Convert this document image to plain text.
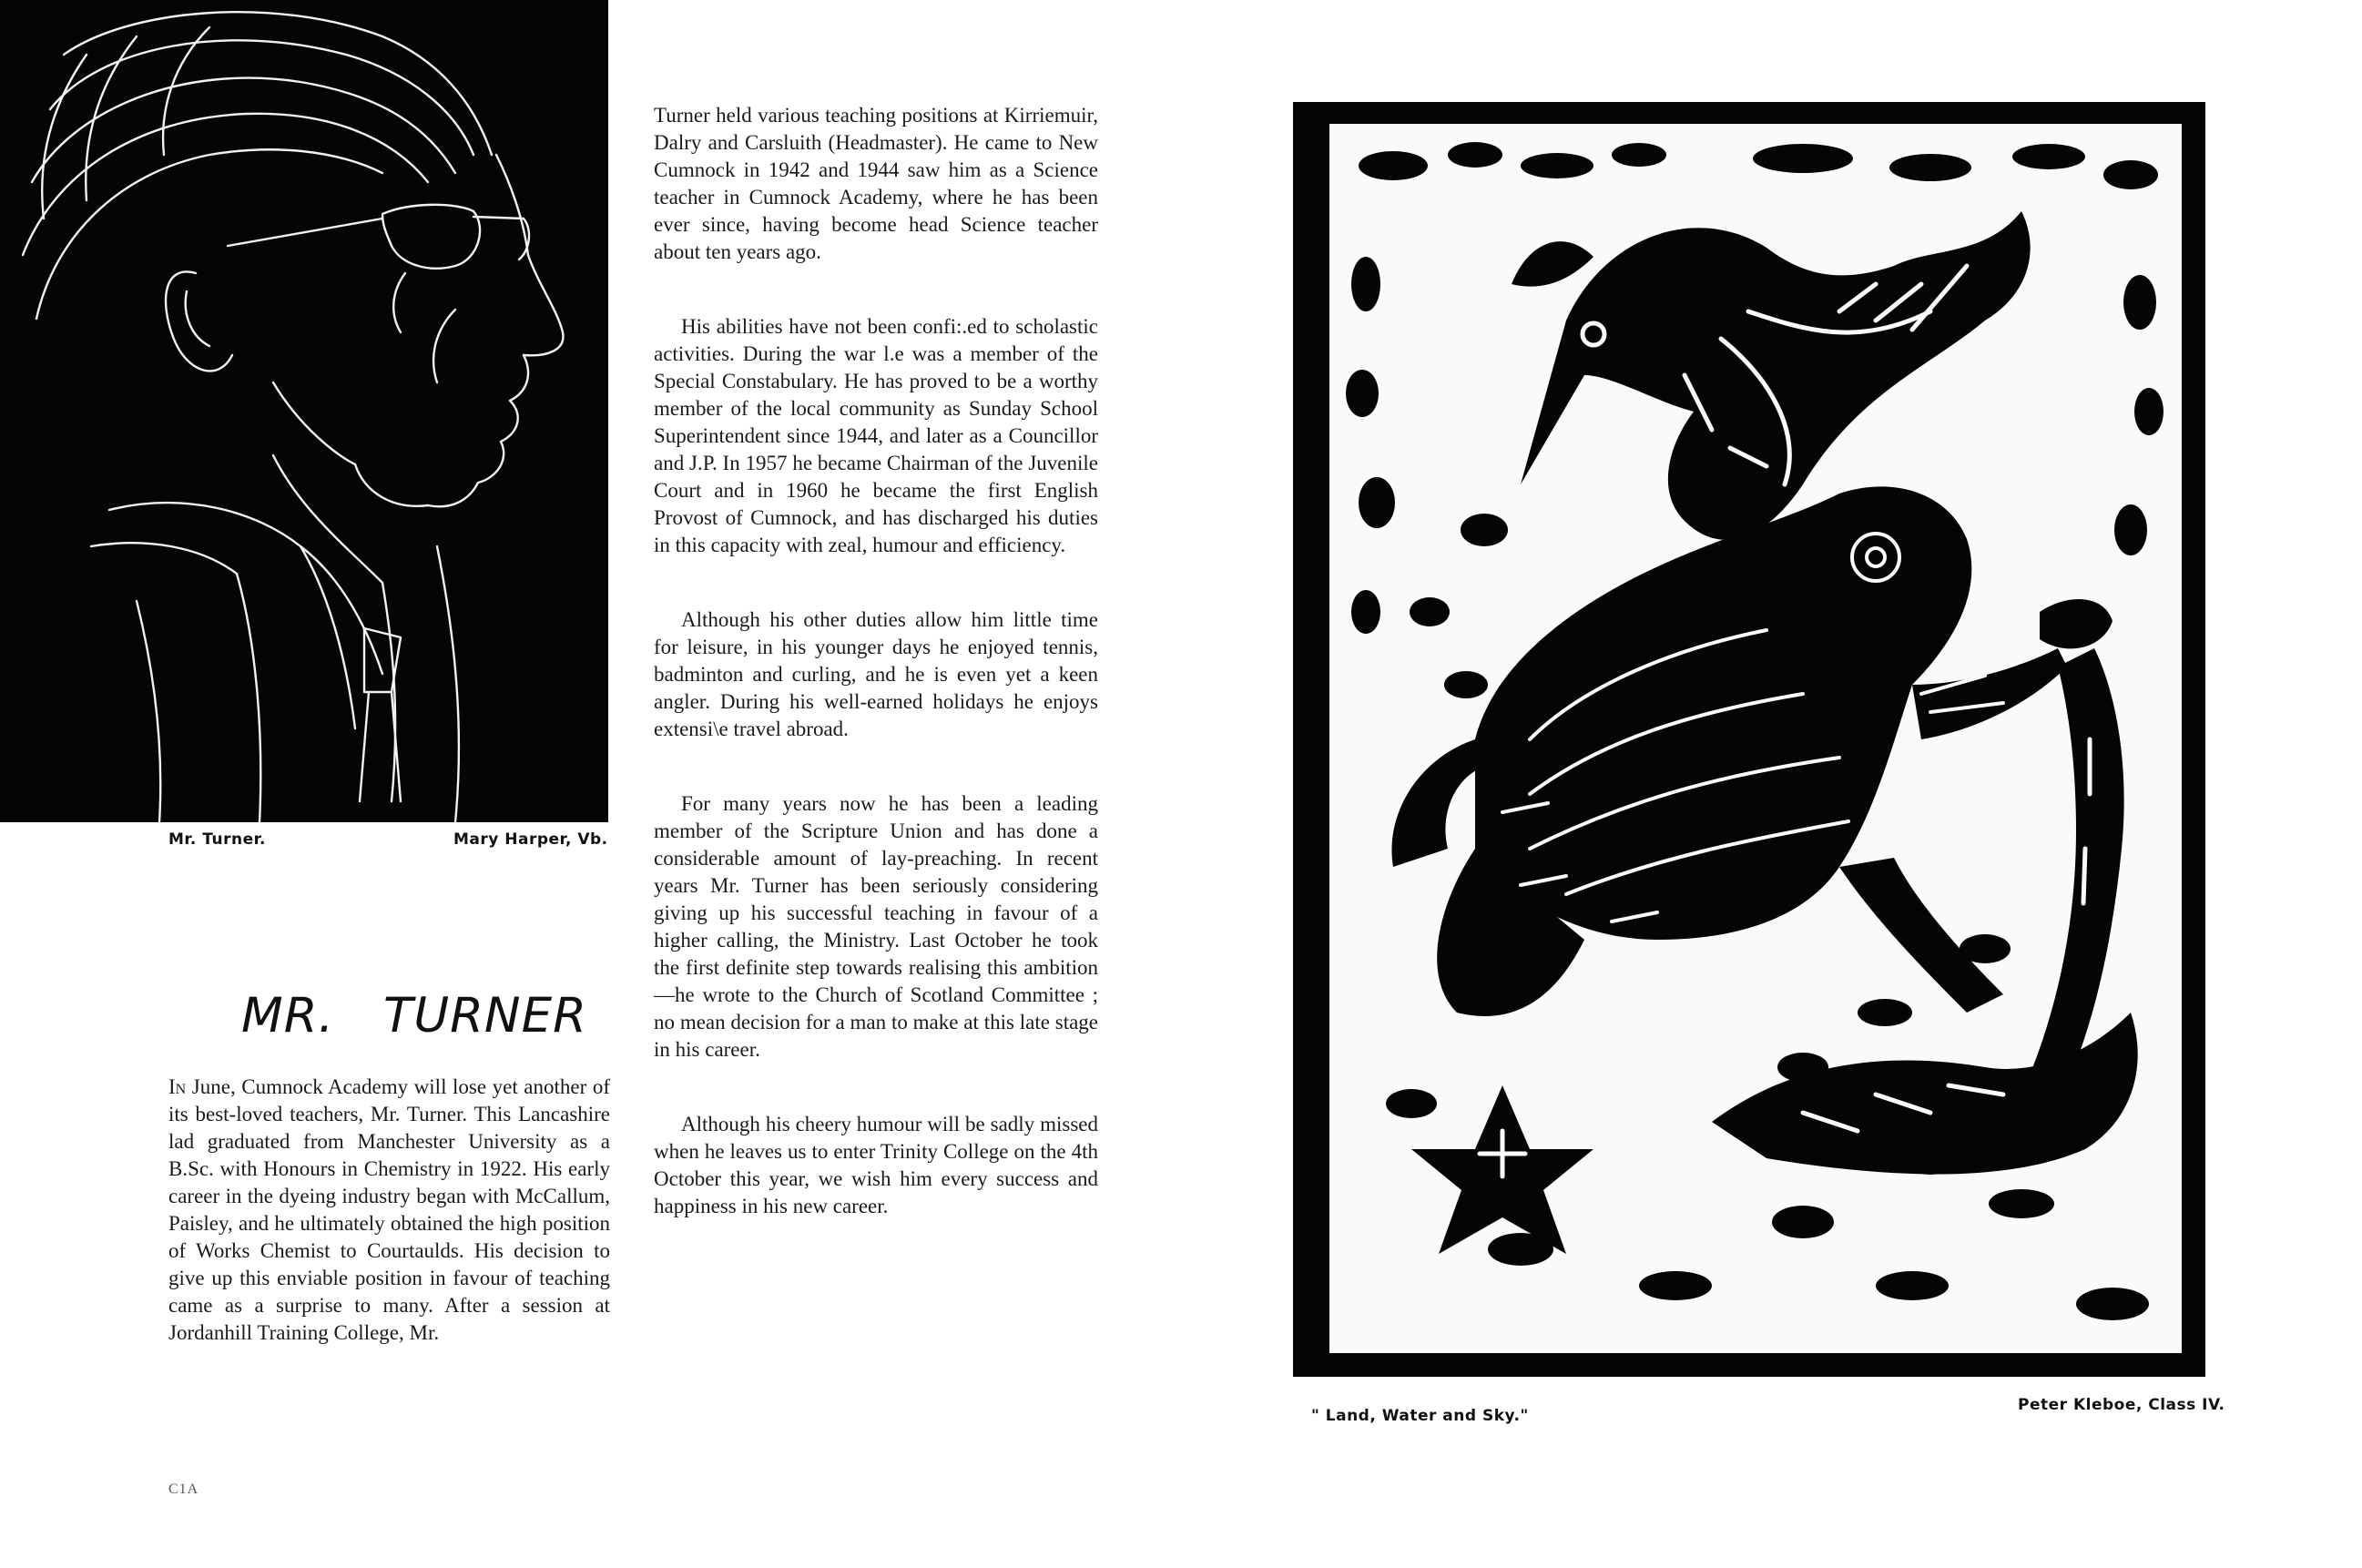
Mr. Turner.	Mary Harper, Vb.
MR.   TURNER

In June, Cumnock Academy will lose yet another of its best-loved teachers, Mr. Turner. This Lancashire lad graduated from Manchester University as a B.Sc. with Honours in Chemistry in 1922. His early career in the dyeing industry began with McCallum, Paisley, and he ultimately obtained the high position of Works Chemist to Courtaulds. His decision to give up this enviable position in favour of teaching came as a surprise to many. After a session at Jordanhill Training College, Mr.

Turner held various teaching positions at Kirriemuir, Dalry and Carsluith (Headmaster). He came to New Cumnock in 1942 and 1944 saw him as a Science teacher in Cumnock Academy, where he has been ever since, having become head Science teacher about ten years ago.

His abilities have not been confi:.ed to scholastic activities. During the war l.e was a member of the Special Constabulary. He has proved to be a worthy member of the local community as Sunday School Superintendent since 1944, and later as a Councillor and J.P. In 1957 he became Chairman of the Juvenile Court and in 1960 he became the first English Provost of Cumnock, and has discharged his duties in this capacity with zeal, humour and efficiency.

Although his other duties allow him little time for leisure, in his younger days he enjoyed tennis, badminton and curling, and he is even yet a keen angler. During his well-earned holidays he enjoys extensi\e travel abroad.

For many years now he has been a leading member of the Scripture Union and has done a considerable amount of lay-preaching. In recent years Mr. Turner has been seriously considering giving up his successful teaching in favour of a higher calling, the Ministry. Last October he took the first definite step towards realising this ambition—he wrote to the Church of Scotland Committee ; no mean decision for a man to make at this late stage in his career.

Although his cheery humour will be sadly missed when he leaves us to enter Trinity College on the 4th October this year, we wish him every success and happiness in his new career.

C1A
" Land, Water and Sky."
Peter Kleboe, Class IV.
